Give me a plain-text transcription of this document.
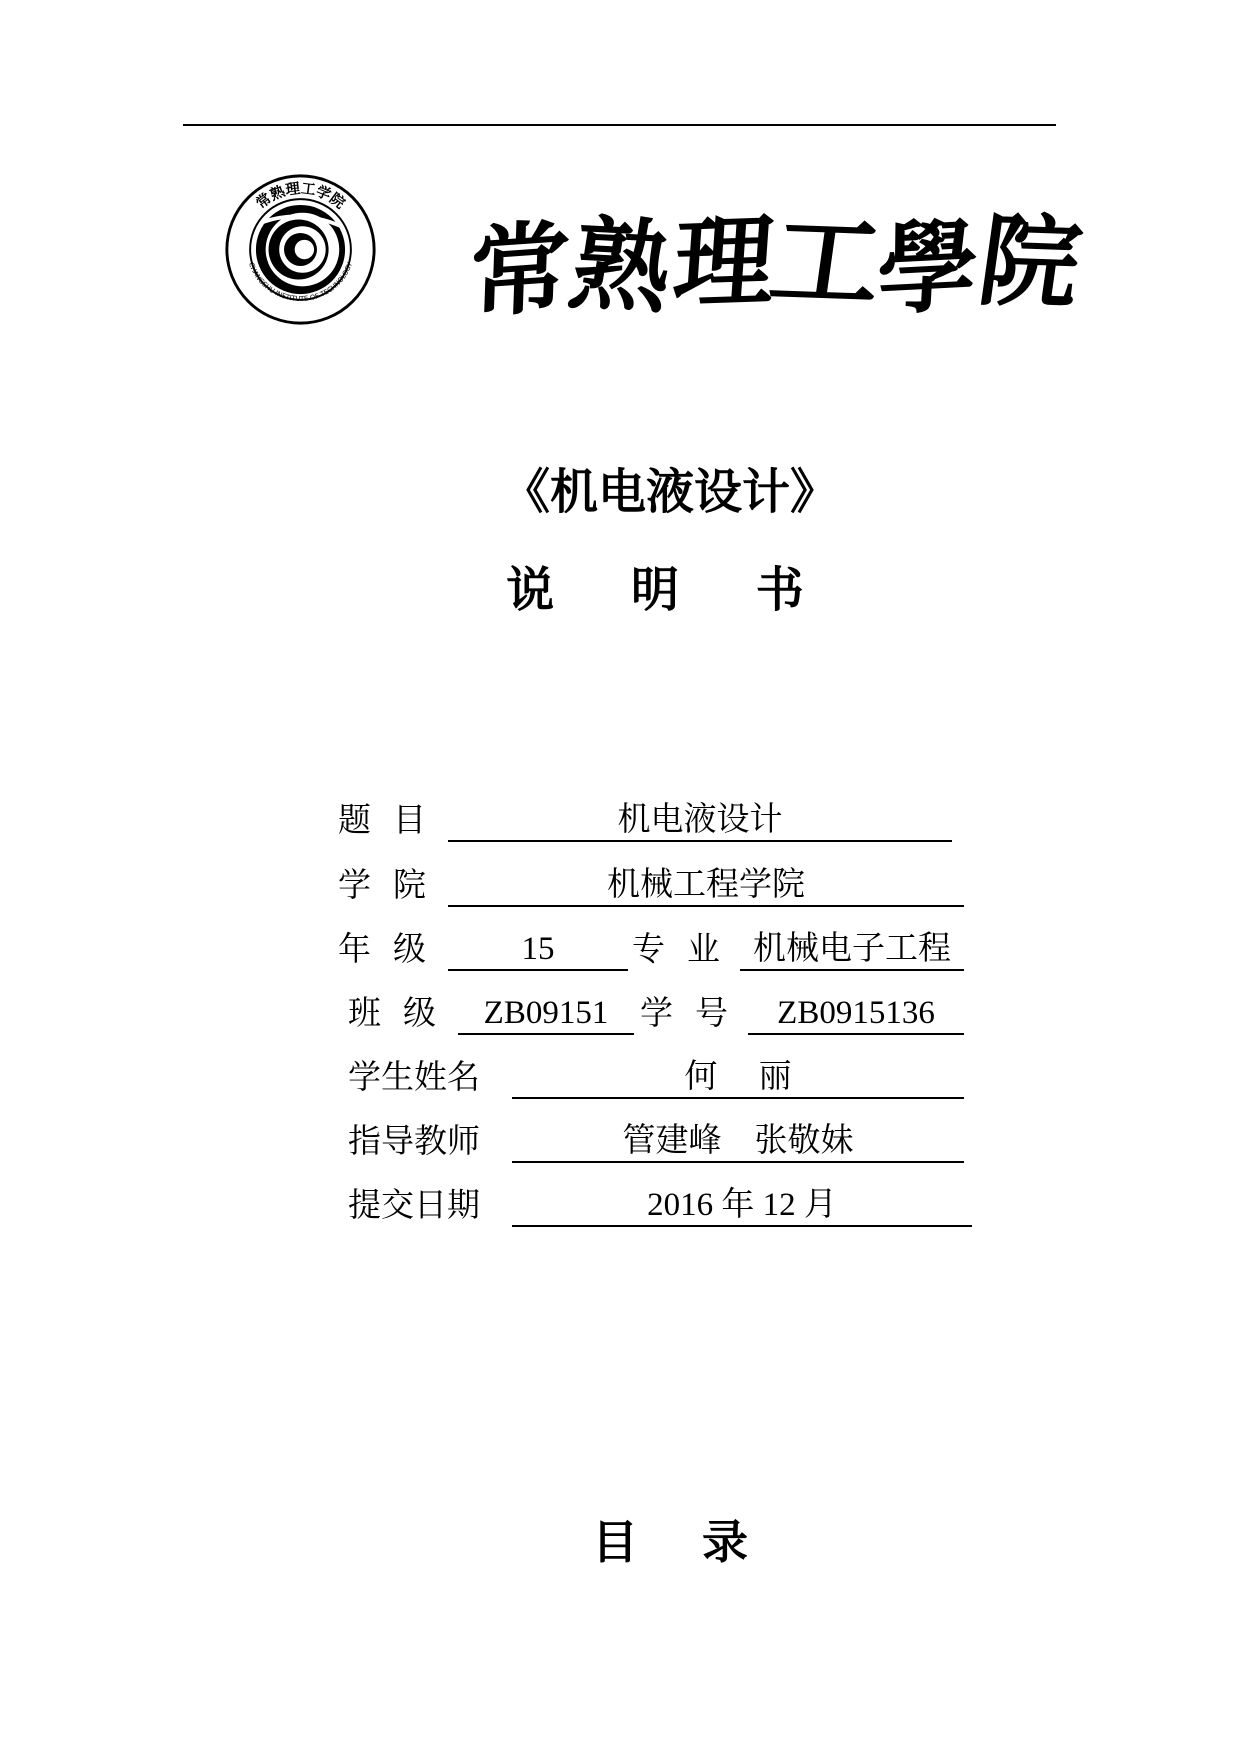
常熟理工学院
CHANGSHU INSTITUTE OF TECHNOLOGY 常
熟
理
工
學
院
《机电液设计》
说 明 书
题 目	机电液设计
学 院	机械工程学院
年 级	15	专 业	机械电子工程
班 级	ZB09151 学 号	ZB0915136
学生姓名	何     丽
指导教师	管建峰    张敬妹
提交日期	2016 年 12 月
目    录
